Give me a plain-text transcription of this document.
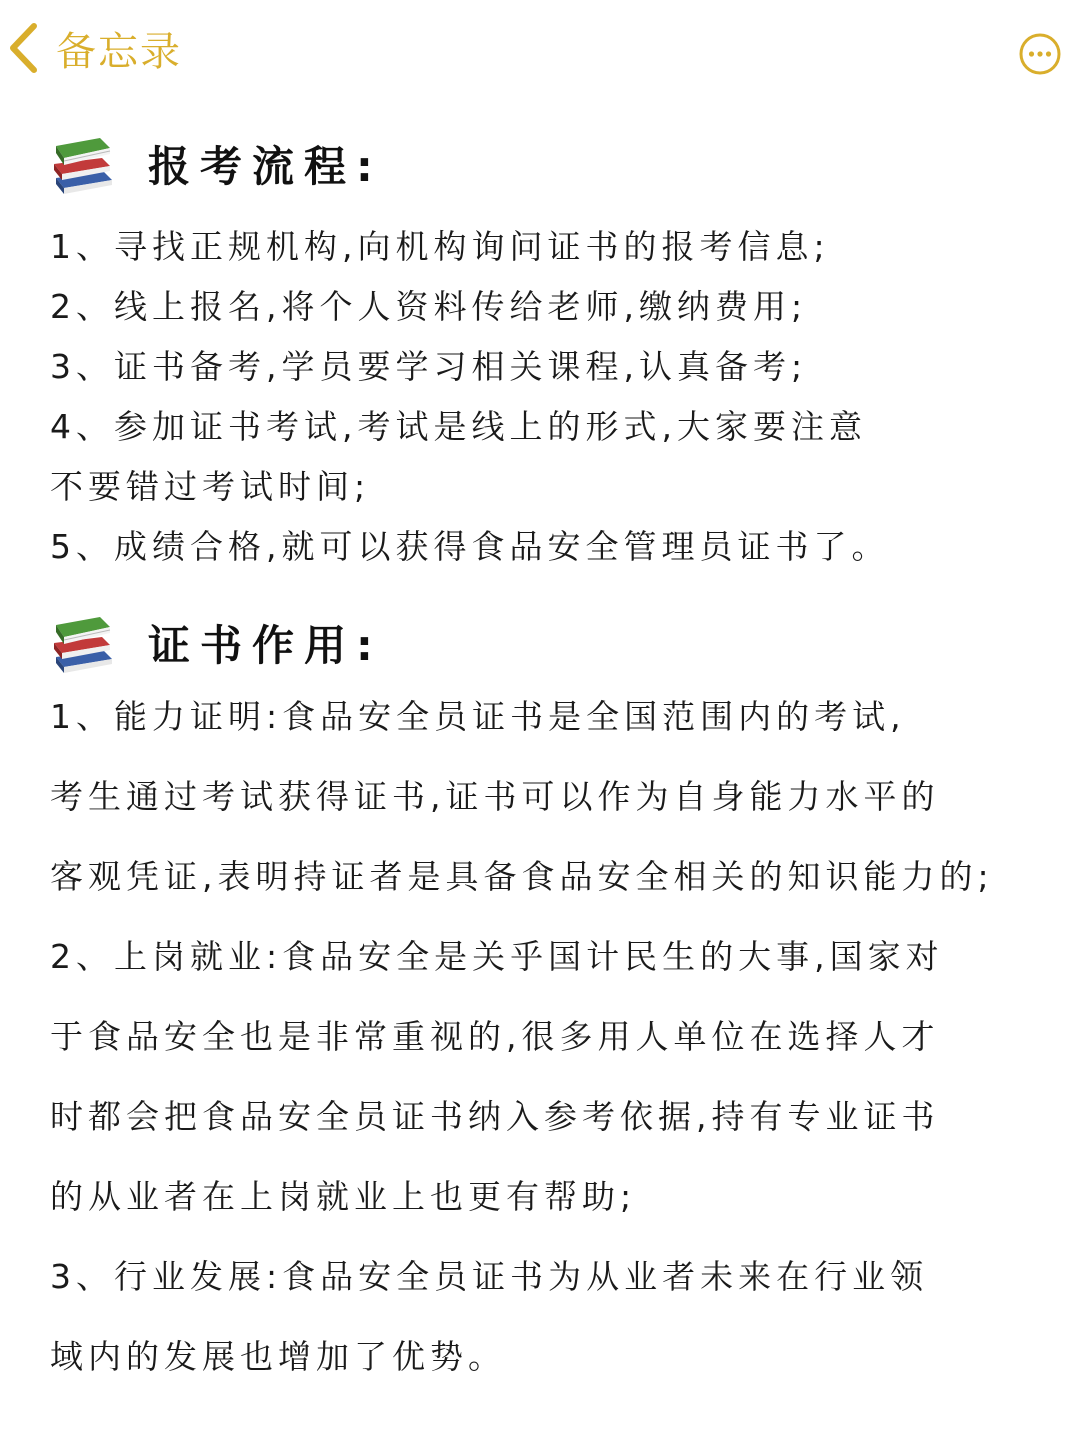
备忘录
报考流程:
1、寻找正规机构,向机构询问证书的报考信息;
2、线上报名,将个人资料传给老师,缴纳费用;
3、证书备考,学员要学习相关课程,认真备考;
4、参加证书考试,考试是线上的形式,大家要注意
不要错过考试时间;
5、成绩合格,就可以获得食品安全管理员证书了。
证书作用:
1、能力证明:食品安全员证书是全国范围内的考试,
考生通过考试获得证书,证书可以作为自身能力水平的
客观凭证,表明持证者是具备食品安全相关的知识能力的;
2、上岗就业:食品安全是关乎国计民生的大事,国家对
于食品安全也是非常重视的,很多用人单位在选择人才
时都会把食品安全员证书纳入参考依据,持有专业证书
的从业者在上岗就业上也更有帮助;
3、行业发展:食品安全员证书为从业者未来在行业领
域内的发展也增加了优势。
